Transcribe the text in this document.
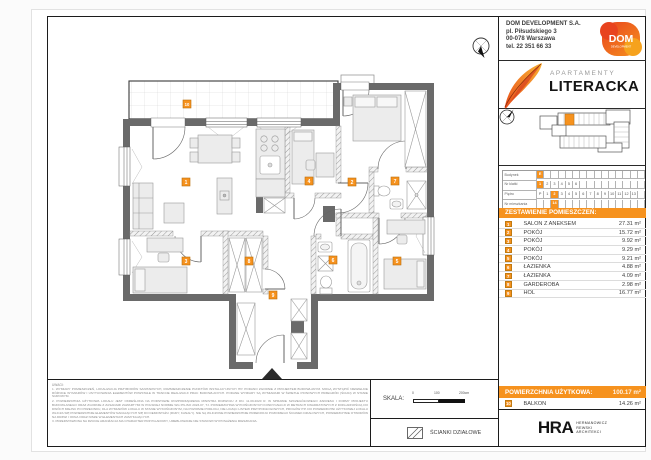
1	2
3
4
5
6
7
8
9
10
UWAGI:
1. WYMIARY POMIESZCZEŃ, LOKALIZACJA PRZYBORÓW SANITARNYCH, ROZMIESZCZENIE PUNKTÓW INSTALACYJNYCH ITP. PODANO ZGODNIE Z PROJEKTEM BUDOWLANYM. MOGĄ WYSTĄPIĆ NIEWIELKIE RÓŻNICE WYMIARÓW I USYTUOWANIA ELEMENTÓW POWSTAŁE W TRAKCIE REALIZACJI PRAC BUDOWLANYCH. PODANE WYMIARY SĄ WYMIARAMI W ŚWIETLE PIONOWYCH PRZEGRÓD (ŚCIAN) W STANIE SUROWYM.
2. POWIERZCHNIA UŻYTKOWA LOKALU JEST OKREŚLONA NA PODSTAWIE ROZPORZĄDZENIA MINISTRA ROZWOJU Z DN. 11.09.2020 R. W SPRAWIE SZCZEGÓŁOWEGO ZAKRESU I FORMY PROJEKTU BUDOWLANEGO ORAZ ZGODNIE Z ZASADAMI ZAWARTYMI W POLSKIEJ NORMIE WG PN-ISO 2023-07, TJ. POWIERZCHNIA WYKOŃCZONYCH KONDYGNACJI W METRACH KWADRATOWYCH Z DOKŁADNOŚCIĄ DO DWÓCH MIEJSC PO PRZECINKU, DLA WYMIARÓW LOKALU W STANIE WYKOŃCZONYM, NA POZIOMIE PODŁOGI, NIE LICZĄC LISTEW PRZYPODŁOGOWYCH, PROGÓW ITP. DO POWIERZCHNI UŻYTKOWEJ LOKALU WLICZA SIĘ POWIERZCHNIE ELEMENTÓW NADAJĄCYCH SIĘ DO DEMONTAŻU (RURY, KANAŁY). NIE SĄ WLICZONE POWIERZCHNIE PRZEKROJU POZIOMEGO ŚCIANEK DZIAŁOWYCH, POWIERZCHNIE OTWORÓW NA DRZWI I OKNA ORAZ NISZE W ELEMENTACH ZAMYKAJĄCYCH.
3. PRZEDSTAWIONA NA RZUCIE ARANŻACJA MA CHARAKTER PRZYKŁADOWY, UMEBLOWANIE NIE STANOWI WYPOSAŻENIA MIESZKANIA.
SKALA:
0	100	200cm
ŚCIANKI DZIAŁOWE
DOM DEVELOPMENT S.A.
pl. Piłsudskiego 3
00-078 Warszawa
tel. 22 351 66 33
DOM
DEVELOPMENT
APARTAMENTY
LITERACKA
Budynek	E
Nr klatki	1	2	3	4	5	6
Piętro	P	1	2	3	4	5	6	7	8	9	10 11 12 13
Nr mieszkania	14
ZESTAWIENIE POMIESZCZEŃ:
1	SALON Z ANEKSEM	27.31 m²
2	POKÓJ	15.72 m²
3	POKÓJ	9.92 m²
4	POKÓJ	9.29 m²
5	POKÓJ	9.21 m²
6	ŁAZIENKA	4.88 m²
7	ŁAZIENKA	4.09 m²
8	GARDEROBA	2.98 m²
9	HOL	16.77 m²
POWIERZCHNIA UŻYTKOWA:	100.17 m²
10 BALKON	14.26 m²
HRA HERMANOWICZ
REWSKI
ARCHITEKCI
